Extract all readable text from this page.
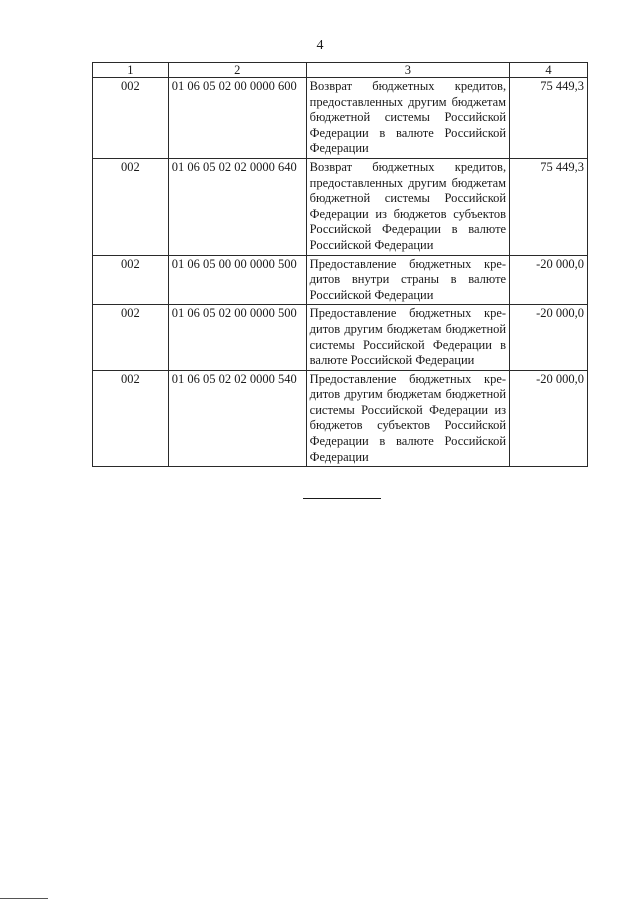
4
1	2	3	4
002	01 06 05 02 00 0000 600	Возврат бюджетных кредитов, предоставленных другим бюджетам бюджетной системы Российской Федерации в валюте Российской Федерации	75 449,3
002	01 06 05 02 02 0000 640	Возврат бюджетных кредитов, предоставленных другим бюджетам бюджетной системы Российской Федерации из бюджетов субъектов Российской Федерации в валюте Российской Федерации	75 449,3
002	01 06 05 00 00 0000 500	Предоставление бюджетных кредитов внутри страны в валюте Российской Федерации	-20 000,0
002	01 06 05 02 00 0000 500	Предоставление бюджетных кредитов другим бюджетам бюджетной системы Российской Федерации в валюте Российской Федерации	-20 000,0
002	01 06 05 02 02 0000 540	Предоставление бюджетных кредитов другим бюджетам бюджетной системы Российской Федерации из бюджетов субъектов Российской Федерации в валюте Российской Федерации	-20 000,0
